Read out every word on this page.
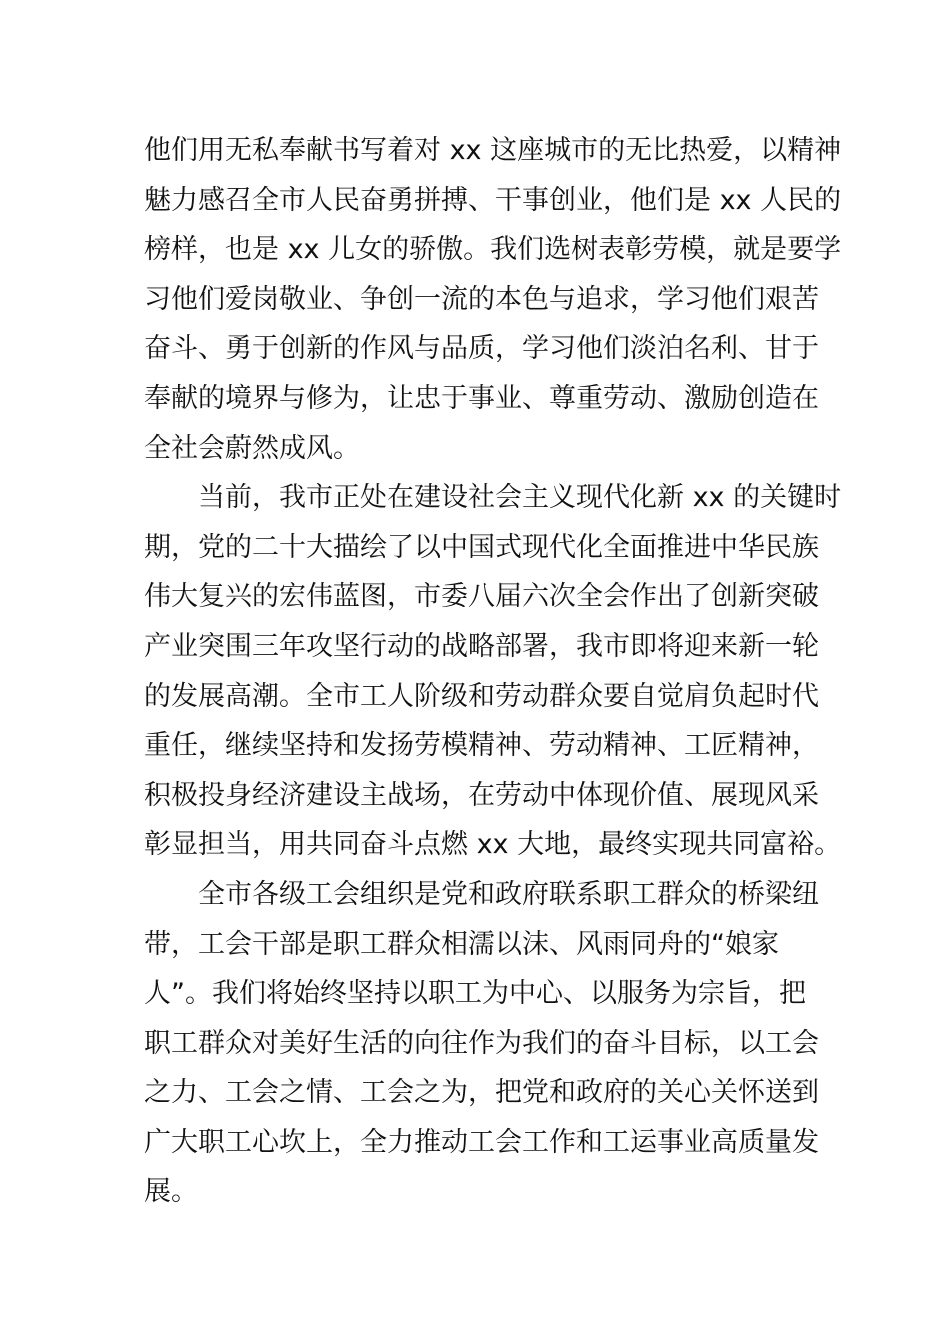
他们用无私奉献书写着对 xx 这座城市的无比热爱，以精神
魅力感召全市人民奋勇拼搏、干事创业，他们是 xx 人民的
榜样，也是 xx 儿女的骄傲。我们选树表彰劳模，就是要学
习他们爱岗敬业、争创一流的本色与追求，学习他们艰苦
奋斗、勇于创新的作风与品质，学习他们淡泊名利、甘于
奉献的境界与修为，让忠于事业、尊重劳动、激励创造在
全社会蔚然成风。
当前，我市正处在建设社会主义现代化新 xx 的关键时
期，党的二十大描绘了以中国式现代化全面推进中华民族
伟大复兴的宏伟蓝图，市委八届六次全会作出了创新突破
产业突围三年攻坚行动的战略部署，我市即将迎来新一轮
的发展高潮。全市工人阶级和劳动群众要自觉肩负起时代
重任，继续坚持和发扬劳模精神、劳动精神、工匠精神，
积极投身经济建设主战场，在劳动中体现价值、展现风采
彰显担当，用共同奋斗点燃 xx 大地，最终实现共同富裕。
全市各级工会组织是党和政府联系职工群众的桥梁纽
带，工会干部是职工群众相濡以沫、风雨同舟的“娘家
人”。我们将始终坚持以职工为中心、以服务为宗旨，把
职工群众对美好生活的向往作为我们的奋斗目标，以工会
之力、工会之情、工会之为，把党和政府的关心关怀送到
广大职工心坎上，全力推动工会工作和工运事业高质量发
展。
